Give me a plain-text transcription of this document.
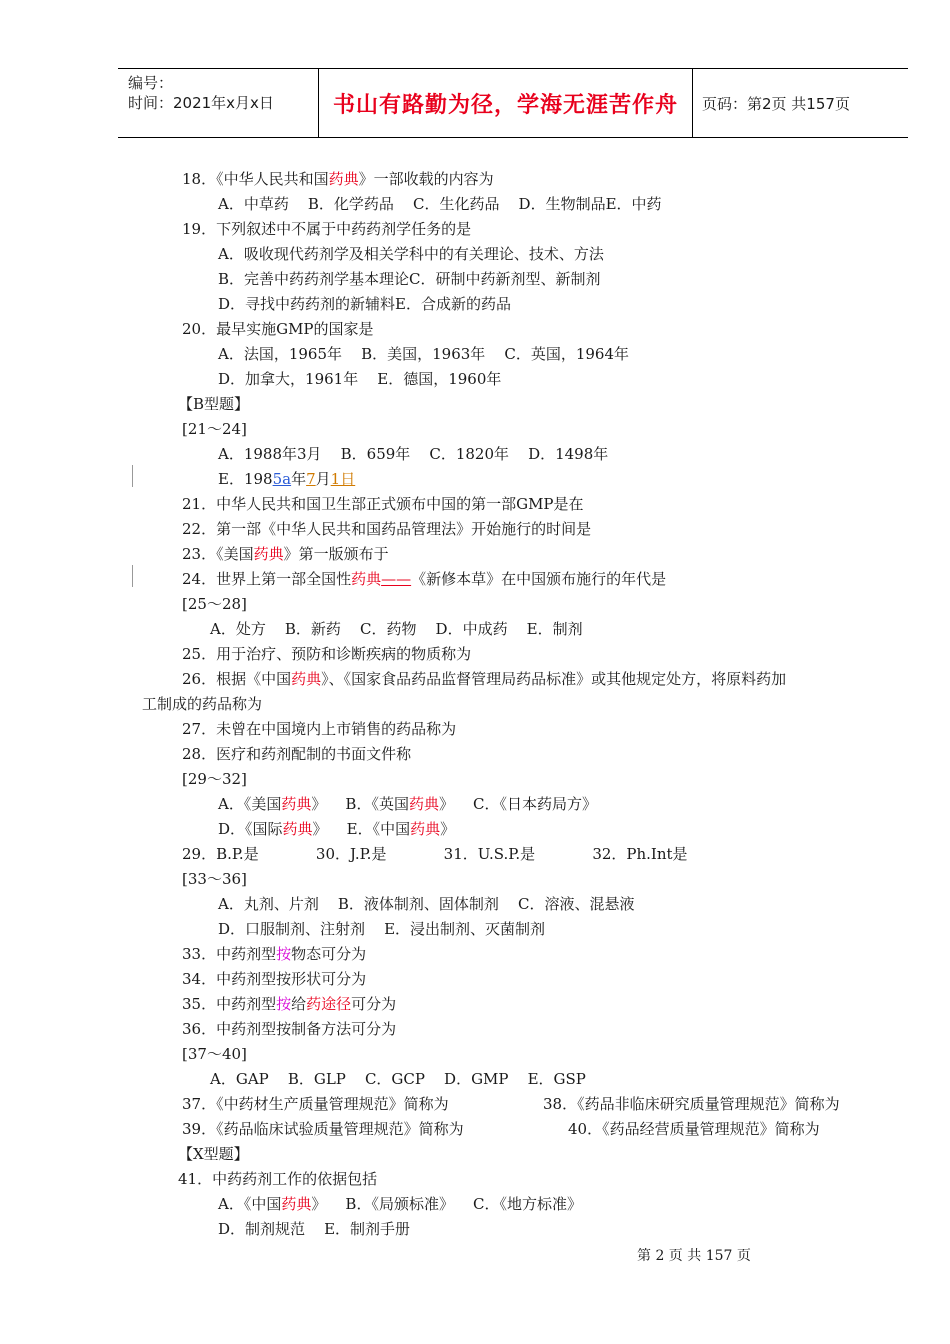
编号：
时间：2021年x月x日	书山有路勤为径，学海无涯苦作舟	页码：第2页 共157页
18．《中华人民共和国药典》一部收载的内容为
A．中草药    B．化学药品    C．生化药品    D．生物制品E．中药
19．下列叙述中不属于中药药剂学任务的是
A．吸收现代药剂学及相关学科中的有关理论、技术、方法
B．完善中药药剂学基本理论C．研制中药新剂型、新制剂
D．寻找中药药剂的新辅料E．合成新的药品
20．最早实施GMP的国家是
A．法国，1965年    B．美国，1963年    C．英国，1964年
D．加拿大，1961年    E．德国，1960年
【B型题】
[21～24]
A．1988年3月    B．659年    C．1820年    D．1498年
E．1985a年7月1日
21．中华人民共和国卫生部正式颁布中国的第一部GMP是在
22．第一部《中华人民共和国药品管理法》开始施行的时间是
23．《美国药典》第一版颁布于
24．世界上第一部全国性药典——《新修本草》在中国颁布施行的年代是
[25～28]
A．处方    B．新药    C．药物    D．中成药    E．制剂
25．用于治疗、预防和诊断疾病的物质称为
26．根据《中国药典》、《国家食品药品监督管理局药品标准》或其他规定处方，将原料药加
工制成的药品称为
27．未曾在中国境内上市销售的药品称为
28．医疗和药剂配制的书面文件称
[29～32]
A．《美国药典》    B．《英国药典》    C．《日本药局方》
D．《国际药典》    E．《中国药典》
29．B.P.是            30．J.P.是            31．U.S.P.是            32．Ph.Int是
[33～36]
A．丸剂、片剂    B．液体制剂、固体制剂    C．溶液、混悬液
D．口服制剂、注射剂    E．浸出制剂、灭菌制剂
33．中药剂型按物态可分为
34．中药剂型按形状可分为
35．中药剂型按给药途径可分为
36．中药剂型按制备方法可分为
[37～40]
A．GAP    B．GLP    C．GCP    D．GMP    E．GSP
37．《中药材生产质量管理规范》简称为	38．《药品非临床研究质量管理规范》简称为
39．《药品临床试验质量管理规范》简称为	40．《药品经营质量管理规范》简称为
【X型题】
41．中药药剂工作的依据包括
A．《中国药典》    B．《局颁标准》    C．《地方标准》
D．制剂规范    E．制剂手册
第 2 页 共 157 页
